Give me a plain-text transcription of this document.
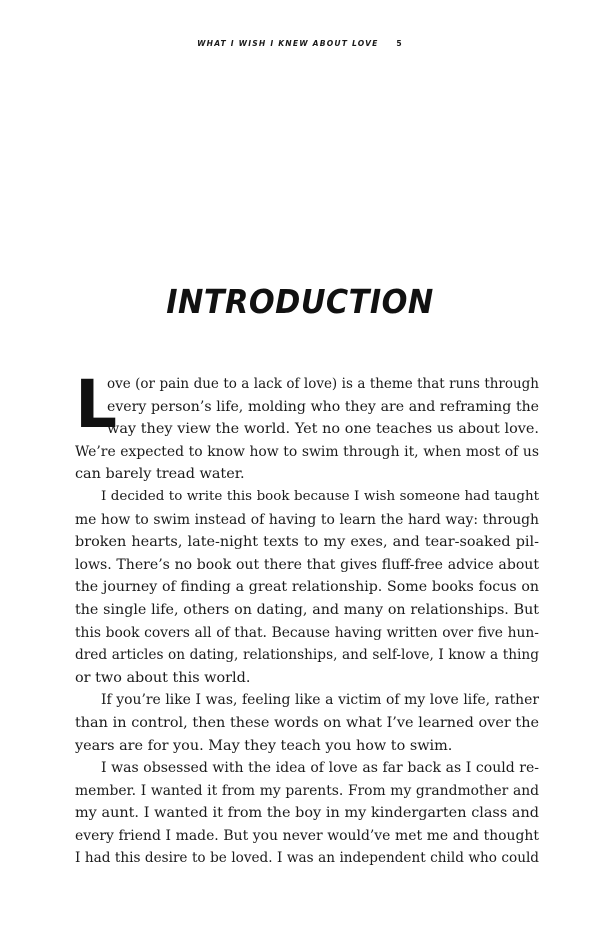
WHAT I WISH I KNEW ABOUT LOVE 5
INTRODUCTION
L
ove (or pain due to a lack of love) is a theme that runs through
every person’s life, molding who they are and reframing the
way they view the world. Yet no one teaches us about love.
We’re expected to know how to swim through it, when most of us
can barely tread water.
I decided to write this book because I wish someone had taught
me how to swim instead of having to learn the hard way: through
broken hearts, late-night texts to my exes, and tear-soaked pil-
lows. There’s no book out there that gives fluff-free advice about
the journey of finding a great relationship. Some books focus on
the single life, others on dating, and many on relationships. But
this book covers all of that. Because having written over five hun-
dred articles on dating, relationships, and self-love, I know a thing
or two about this world.
If you’re like I was, feeling like a victim of my love life, rather
than in control, then these words on what I’ve learned over the
years are for you. May they teach you how to swim.
I was obsessed with the idea of love as far back as I could re-
member. I wanted it from my parents. From my grandmother and
my aunt. I wanted it from the boy in my kindergarten class and
every friend I made. But you never would’ve met me and thought
I had this desire to be loved. I was an independent child who could
